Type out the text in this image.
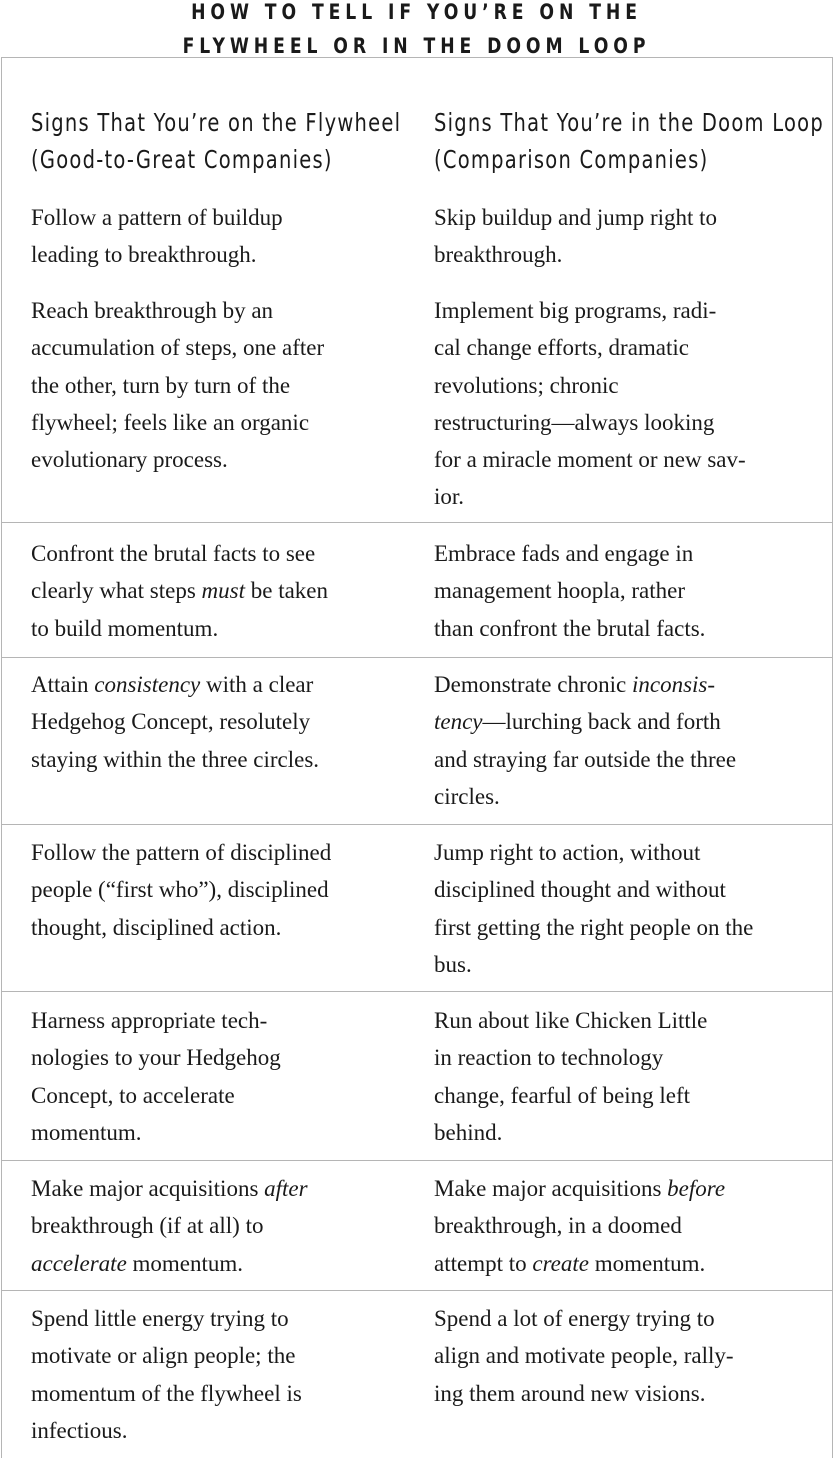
HOW TO TELL IF YOU’RE ON THE
FLYWHEEL OR IN THE DOOM LOOP
Signs That You’re on the Flywheel
(Good-to-Great Companies)
Signs That You’re in the Doom Loop
(Comparison Companies)
Follow a pattern of buildup
leading to breakthrough.
Skip buildup and jump right to
breakthrough.
Reach breakthrough by an
accumulation of steps, one after
the other, turn by turn of the
flywheel; feels like an organic
evolutionary process.
Implement big programs, radi-
cal change efforts, dramatic
revolutions; chronic
restructuring—always looking
for a miracle moment or new sav-
ior.
Confront the brutal facts to see
clearly what steps must be taken
to build momentum.
Embrace fads and engage in
management hoopla, rather
than confront the brutal facts.
Attain consistency with a clear
Hedgehog Concept, resolutely
staying within the three circles.
Demonstrate chronic inconsis-
tency—lurching back and forth
and straying far outside the three
circles.
Follow the pattern of disciplined
people (“first who”), disciplined
thought, disciplined action.
Jump right to action, without
disciplined thought and without
first getting the right people on the
bus.
Harness appropriate tech-
nologies to your Hedgehog
Concept, to accelerate
momentum.
Run about like Chicken Little
in reaction to technology
change, fearful of being left
behind.
Make major acquisitions after
breakthrough (if at all) to
accelerate momentum.
Make major acquisitions before
breakthrough, in a doomed
attempt to create momentum.
Spend little energy trying to
motivate or align people; the
momentum of the flywheel is
infectious.
Spend a lot of energy trying to
align and motivate people, rally-
ing them around new visions.
